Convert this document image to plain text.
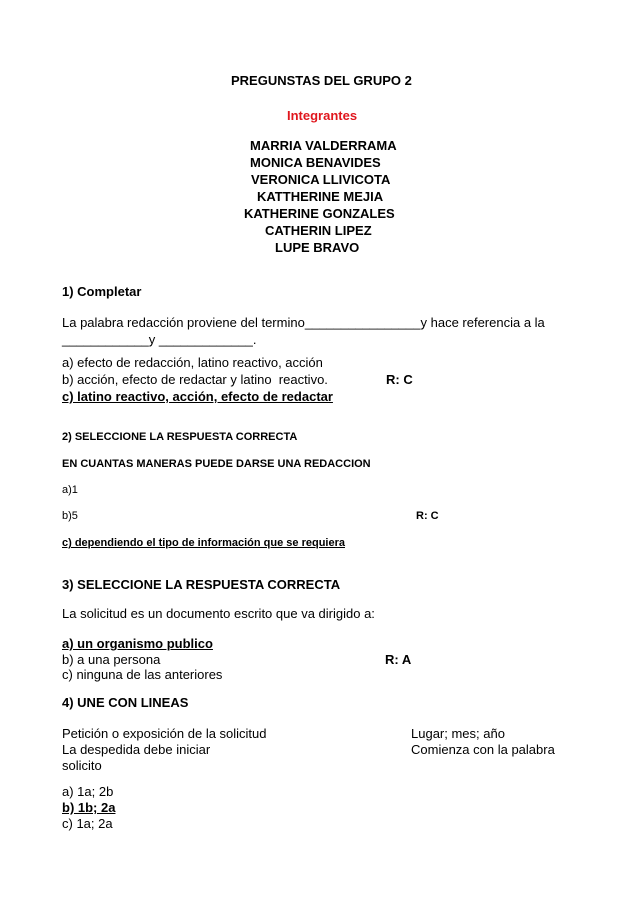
PREGUNSTAS DEL GRUPO 2
Integrantes
MARRIA VALDERRAMA
MONICA BENAVIDES
VERONICA LLIVICOTA
KATTHERINE MEJIA
KATHERINE GONZALES
CATHERIN LIPEZ
LUPE BRAVO
1) Completar
La palabra redacción proviene del termino________________y hace referencia a la
____________y _____________.
a) efecto de redacción, latino reactivo, acción
b) acción, efecto de redactar y latino  reactivo.	R: C
c) latino reactivo, acción, efecto de redactar
2) SELECCIONE LA RESPUESTA CORRECTA
EN CUANTAS MANERAS PUEDE DARSE UNA REDACCION
a)1
b)5	R: C
c) dependiendo el tipo de información que se requiera
3) SELECCIONE LA RESPUESTA CORRECTA
La solicitud es un documento escrito que va dirigido a:
a) un organismo publico
b) a una persona	R: A
c) ninguna de las anteriores
4) UNE CON LINEAS
Petición o exposición de la solicitud	Lugar; mes; año
La despedida debe iniciar	Comienza con la palabra
solicito
a) 1a; 2b
b) 1b; 2a
c) 1a; 2a
